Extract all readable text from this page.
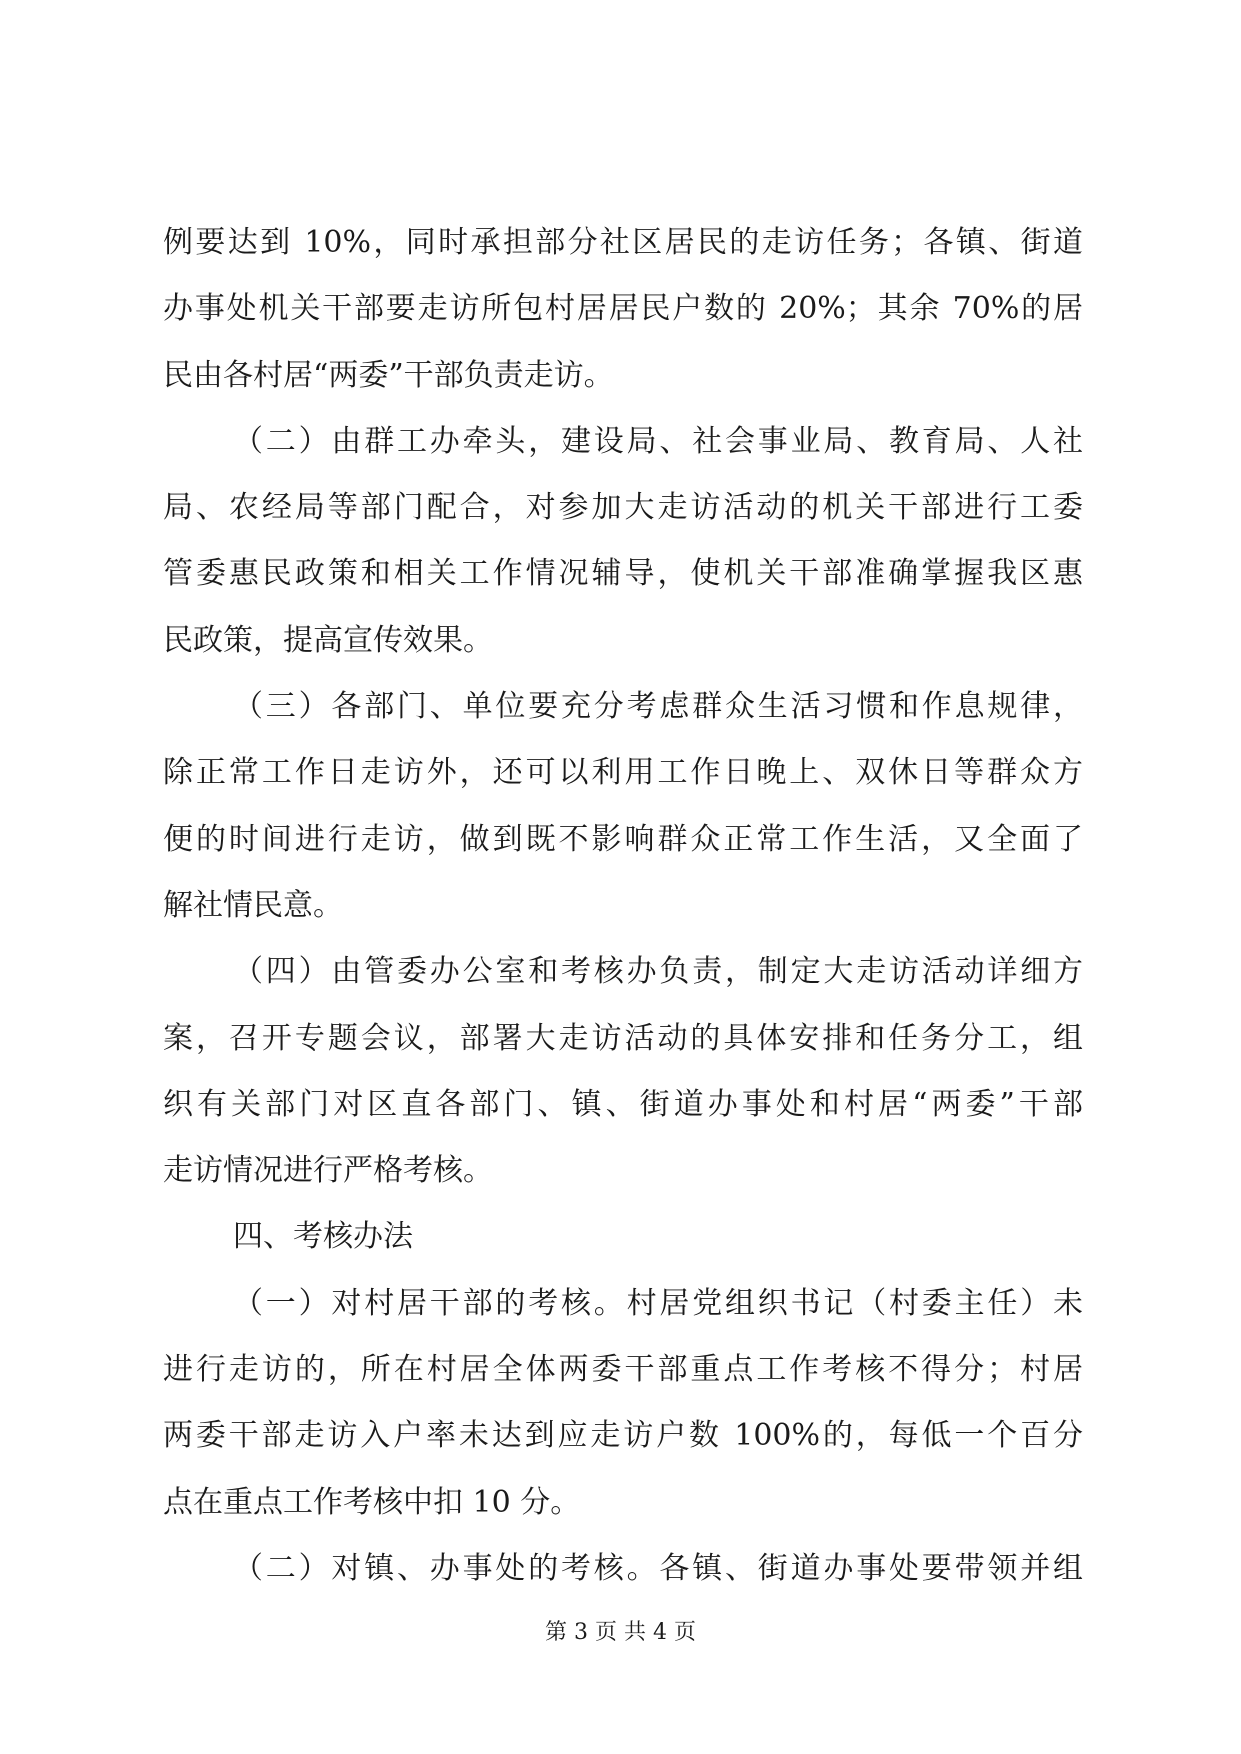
例要达到 10%，同时承担部分社区居民的走访任务；各镇、街道
办事处机关干部要走访所包村居居民户数的 20%；其余 70%的居
民由各村居“两委”干部负责走访。
（二）由群工办牵头，建设局、社会事业局、教育局、人社
局、农经局等部门配合，对参加大走访活动的机关干部进行工委
管委惠民政策和相关工作情况辅导，使机关干部准确掌握我区惠
民政策，提高宣传效果。
（三）各部门、单位要充分考虑群众生活习惯和作息规律，
除正常工作日走访外，还可以利用工作日晚上、双休日等群众方
便的时间进行走访，做到既不影响群众正常工作生活，又全面了
解社情民意。
（四）由管委办公室和考核办负责，制定大走访活动详细方
案，召开专题会议，部署大走访活动的具体安排和任务分工，组
织有关部门对区直各部门、镇、街道办事处和村居“两委”干部
走访情况进行严格考核。
四、考核办法
（一）对村居干部的考核。村居党组织书记（村委主任）未
进行走访的，所在村居全体两委干部重点工作考核不得分；村居
两委干部走访入户率未达到应走访户数 100%的，每低一个百分
点在重点工作考核中扣 10 分。
（二）对镇、办事处的考核。各镇、街道办事处要带领并组
第 3 页 共 4 页
